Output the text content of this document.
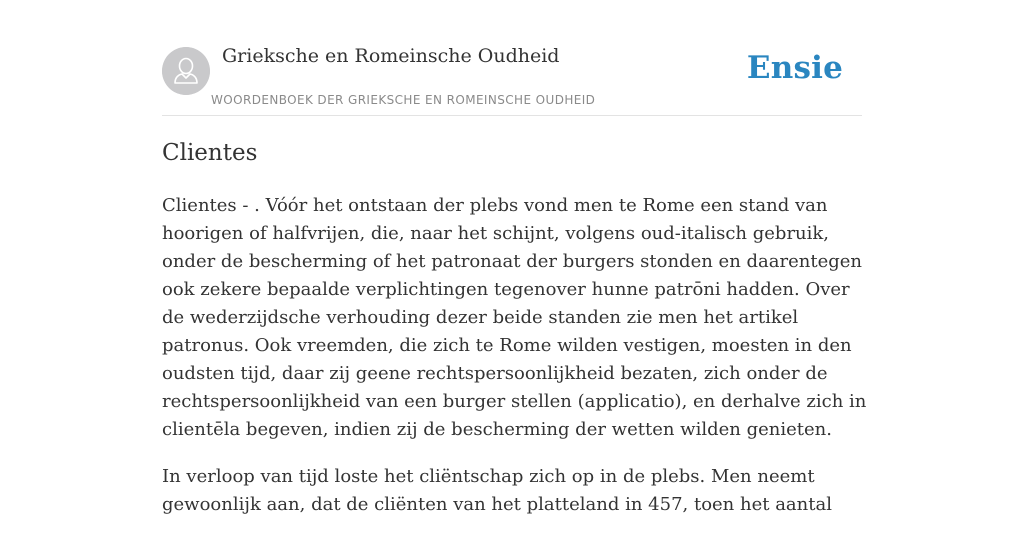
Grieksche en Romeinsche Oudheid
WOORDENBOEK DER GRIEKSCHE EN ROMEINSCHE OUDHEID
Ensie
Clientes

Clientes - . Vóór het ontstaan der plebs vond men te Rome een stand van hoorigen of halfvrijen, die, naar het schijnt, volgens oud-italisch gebruik, onder de bescherming of het patronaat der burgers stonden en daarentegen ook zekere bepaalde verplichtingen tegenover hunne patrōni hadden. Over de wederzijdsche verhouding dezer beide standen zie men het artikel patronus. Ook vreemden, die zich te Rome wilden vestigen, moesten in den oudsten tijd, daar zij geene rechtspersoonlijkheid bezaten, zich onder de rechtspersoonlijkheid van een burger stellen (applicatio), en derhalve zich in clientēla begeven, indien zij de bescherming der wetten wilden genieten.

In verloop van tijd loste het cliëntschap zich op in de plebs. Men neemt gewoonlijk aan, dat de cliënten van het platteland in 457, toen het aantal
